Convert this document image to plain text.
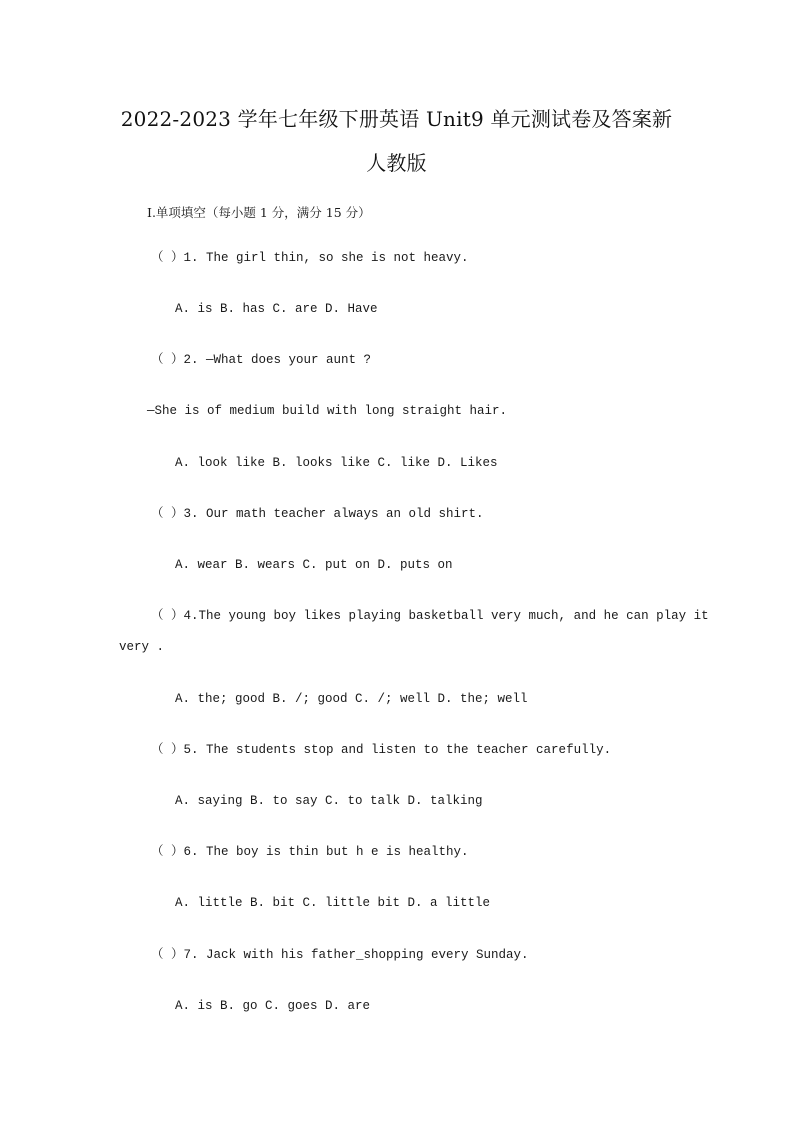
2022-2023 学年七年级下册英语 Unit9 单元测试卷及答案新
人教版
I.单项填空（每小题 1 分，满分 15 分）
（ ）1. The girl thin, so she is not heavy.
A. is B. has C. are D. Have
（ ）2. —What does your aunt ?
—She is of medium build with long straight hair.
A. look like B. looks like C. like D. Likes
（ ）3. Our math teacher always an old shirt.
A. wear B. wears C. put on D. puts on
（ ）4.The young boy likes playing basketball very much, and he can play it
very .
A. the; good B. /; good C. /; well D. the; well
（ ）5. The students stop and listen to the teacher carefully.
A. saying B. to say C. to talk D. talking
（ ）6. The boy is thin but h e is healthy.
A. little B. bit C. little bit D. a little
（ ）7. Jack with his father_shopping every Sunday.
A. is B. go C. goes D. are
